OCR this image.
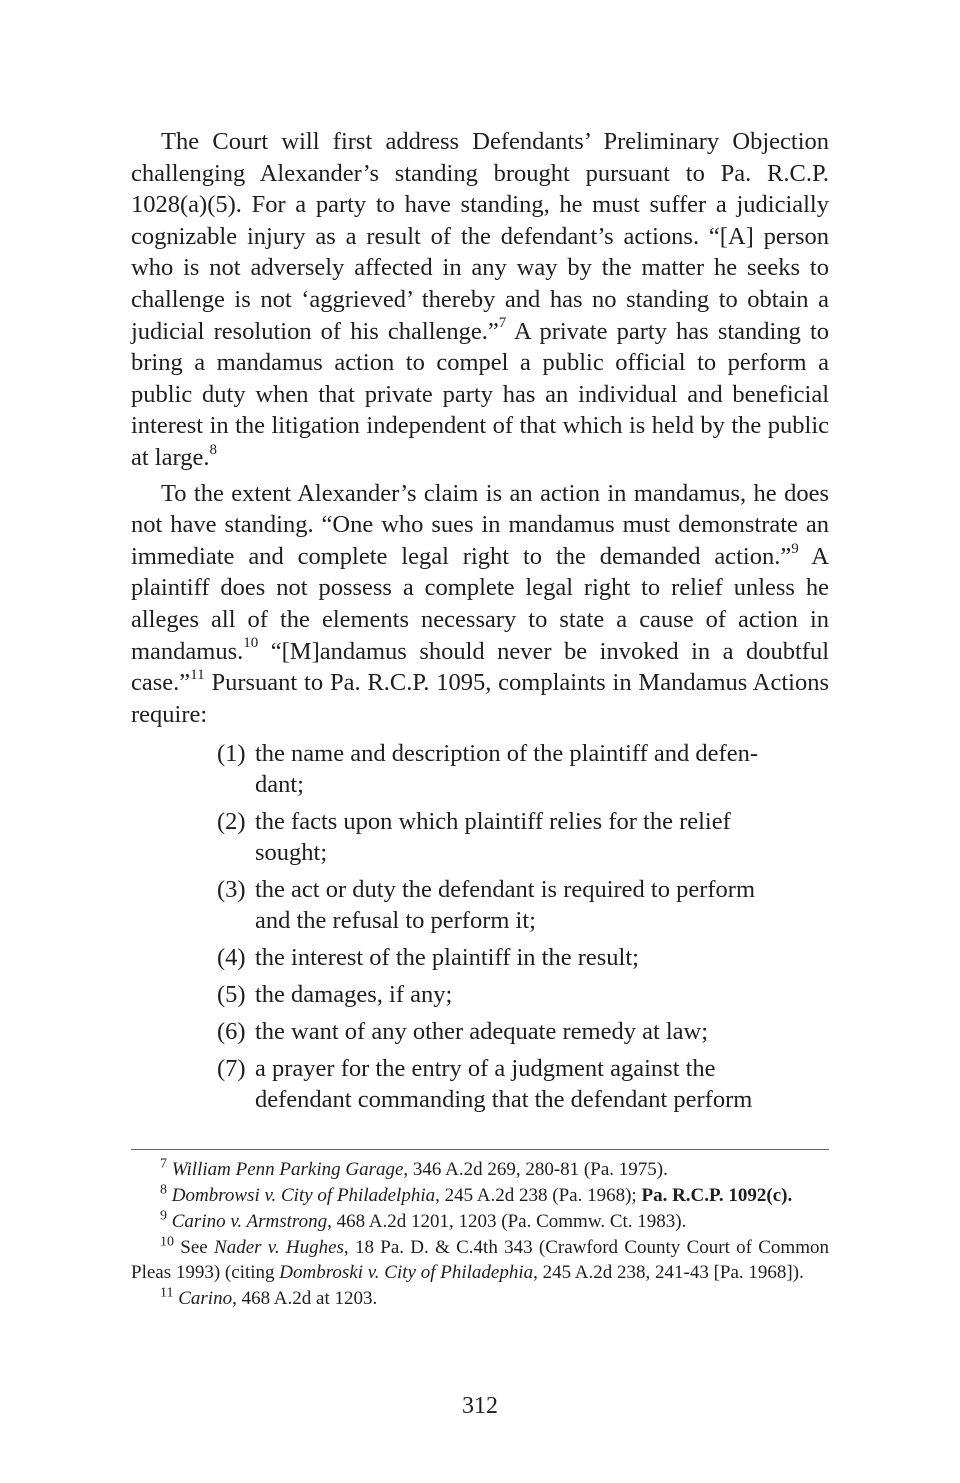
The Court will first address Defendants’ Preliminary Objection challenging Alexander’s standing brought pursuant to Pa. R.C.P. 1028(a)(5). For a party to have standing, he must suffer a judicially cognizable injury as a result of the defendant’s actions. “[A] person who is not adversely affected in any way by the matter he seeks to challenge is not ‘aggrieved’ thereby and has no standing to obtain a judicial resolution of his challenge.”$^7$ A private party has standing to bring a mandamus action to compel a public official to perform a public duty when that private party has an individual and beneficial interest in the litigation independent of that which is held by the public at large.$^8$

To the extent Alexander’s claim is an action in mandamus, he does not have standing. “One who sues in mandamus must demonstrate an immediate and complete legal right to the demanded action.”$^9$ A plaintiff does not possess a complete legal right to relief unless he alleges all of the elements necessary to state a cause of action in mandamus.$^{10}$ “[M]andamus should never be invoked in a doubtful case.”$^{11}$ Pursuant to Pa. R.C.P. 1095, complaints in Mandamus Actions require:

(1) the name and description of the plaintiff and defen-dant;
(2) the facts upon which plaintiff relies for the relief sought;
(3) the act or duty the defendant is required to perform and the refusal to perform it;
(4) the interest of the plaintiff in the result;
(5) the damages, if any;
(6) the want of any other adequate remedy at law;
(7) a prayer for the entry of a judgment against the defendant commanding that the defendant perform

$^7$ William Penn Parking Garage, 346 A.2d 269, 280-81 (Pa. 1975).

$^8$ Dombrowsi v. City of Philadelphia, 245 A.2d 238 (Pa. 1968); Pa. R.C.P. 1092(c).

$^9$ Carino v. Armstrong, 468 A.2d 1201, 1203 (Pa. Commw. Ct. 1983).

$^{10}$ See Nader v. Hughes, 18 Pa. D. & C.4th 343 (Crawford County Court of Common Pleas 1993) (citing Dombroski v. City of Philadephia, 245 A.2d 238, 241-43 [Pa. 1968]).

$^{11}$ Carino, 468 A.2d at 1203.

312
